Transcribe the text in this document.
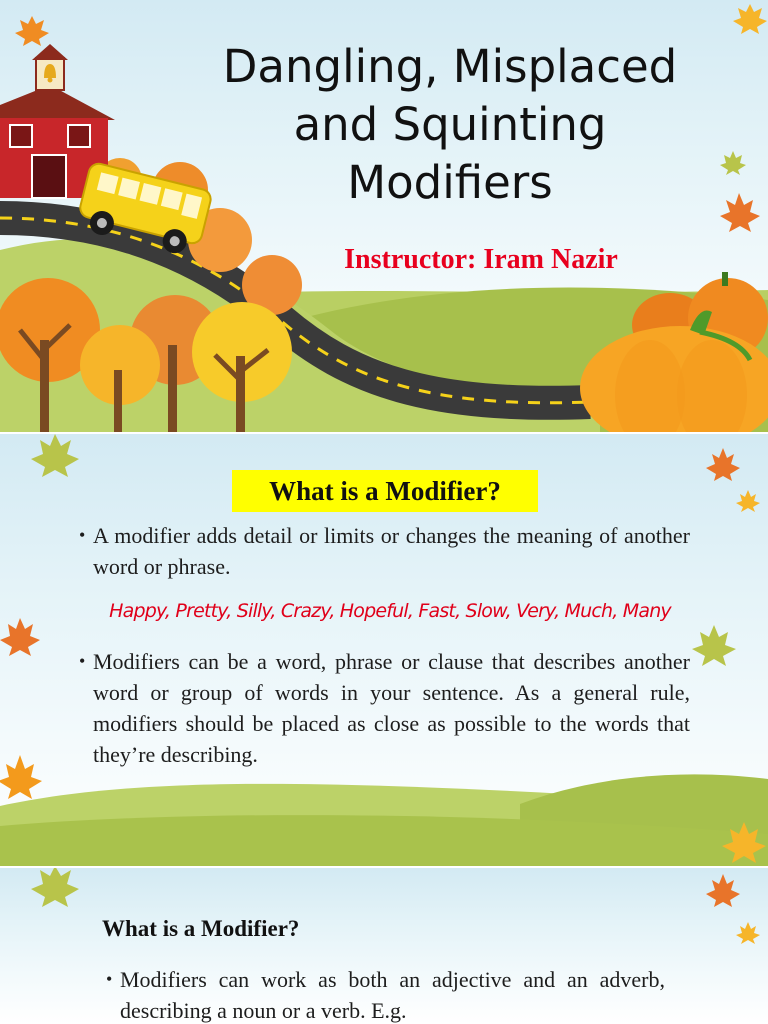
Dangling, Misplaced
and Squinting
Modifiers
Instructor: Iram Nazir
What is a Modifier?
• A modifier adds detail or limits or changes the meaning of another word or phrase.
Happy, Pretty, Silly, Crazy, Hopeful, Fast, Slow, Very, Much, Many
• Modifiers can be a word, phrase or clause that describes another word or group of words in your sentence. As a general rule, modifiers should be placed as close as possible to the words that they’re describing.
What is a Modifier?
• Modifiers can work as both an adjective and an adverb, describing a noun or a verb. E.g.
